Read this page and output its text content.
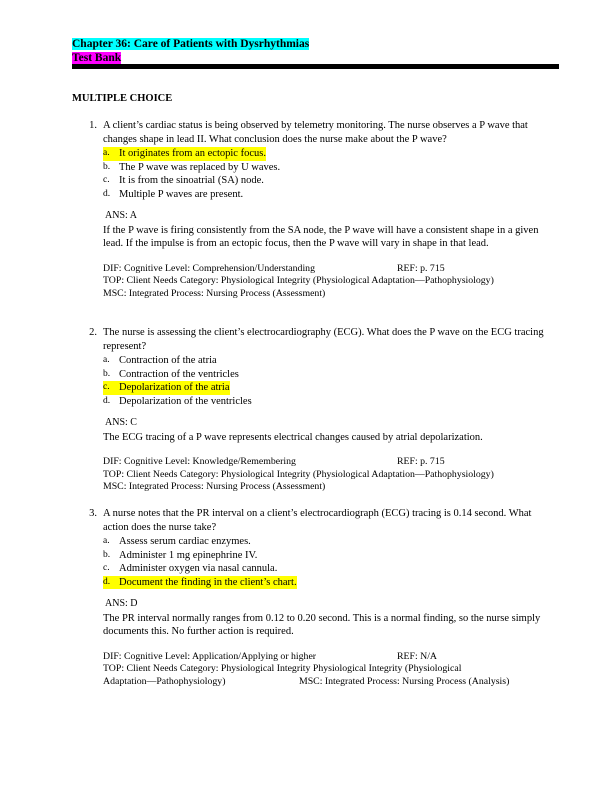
Chapter 36: Care of Patients with Dysrhythmias
Test Bank
MULTIPLE CHOICE
1. A client’s cardiac status is being observed by telemetry monitoring. The nurse observes a P wave that changes shape in lead II. What conclusion does the nurse make about the P wave?
a. It originates from an ectopic focus.
b. The P wave was replaced by U waves.
c. It is from the sinoatrial (SA) node.
d. Multiple P waves are present.
ANS: A
If the P wave is firing consistently from the SA node, the P wave will have a consistent shape in a given lead. If the impulse is from an ectopic focus, then the P wave will vary in shape in that lead.
DIF: Cognitive Level: Comprehension/Understanding	REF: p. 715
TOP: Client Needs Category: Physiological Integrity (Physiological Adaptation—Pathophysiology)
MSC: Integrated Process: Nursing Process (Assessment)
2. The nurse is assessing the client’s electrocardiography (ECG). What does the P wave on the ECG tracing represent?
a. Contraction of the atria
b. Contraction of the ventricles
c. Depolarization of the atria
d. Depolarization of the ventricles
ANS: C
The ECG tracing of a P wave represents electrical changes caused by atrial depolarization.
DIF: Cognitive Level: Knowledge/Remembering	REF: p. 715
TOP: Client Needs Category: Physiological Integrity (Physiological Adaptation—Pathophysiology)
MSC: Integrated Process: Nursing Process (Assessment)
3. A nurse notes that the PR interval on a client’s electrocardiograph (ECG) tracing is 0.14 second. What action does the nurse take?
a. Assess serum cardiac enzymes.
b. Administer 1 mg epinephrine IV.
c. Administer oxygen via nasal cannula.
d. Document the finding in the client’s chart.
ANS: D
The PR interval normally ranges from 0.12 to 0.20 second. This is a normal finding, so the nurse simply documents this. No further action is required.
DIF: Cognitive Level: Application/Applying or higher	REF: N/A
TOP: Client Needs Category: Physiological Integrity Physiological Integrity (Physiological
Adaptation—Pathophysiology)	MSC: Integrated Process: Nursing Process (Analysis)
